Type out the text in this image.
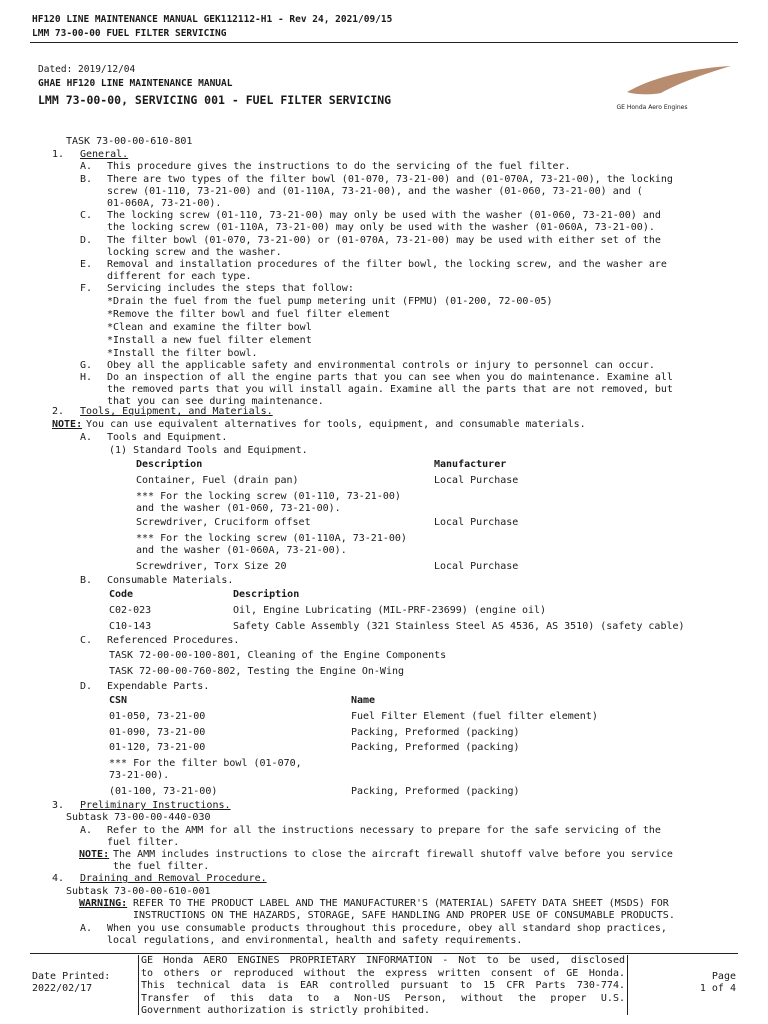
HF120 LINE MAINTENANCE MANUAL GEK112112-H1 - Rev 24, 2021/09/15
LMM 73-00-00 FUEL FILTER SERVICING
Dated: 2019/12/04
GHAE HF120 LINE MAINTENANCE MANUAL
LMM 73-00-00, SERVICING 001 - FUEL FILTER SERVICING
GE Honda Aero Engines
TASK 73-00-00-610-801
1. General.
A. This procedure gives the instructions to do the servicing of the fuel filter.
B. There are two types of the filter bowl (01-070, 73-21-00) and (01-070A, 73-21-00), the locking
screw (01-110, 73-21-00) and (01-110A, 73-21-00), and the washer (01-060, 73-21-00) and (
01-060A, 73-21-00).
C. The locking screw (01-110, 73-21-00) may only be used with the washer (01-060, 73-21-00) and
the locking screw (01-110A, 73-21-00) may only be used with the washer (01-060A, 73-21-00).
D. The filter bowl (01-070, 73-21-00) or (01-070A, 73-21-00) may be used with either set of the
locking screw and the washer.
E. Removal and installation procedures of the filter bowl, the locking screw, and the washer are
different for each type.
F. Servicing includes the steps that follow:
*Drain the fuel from the fuel pump metering unit (FPMU) (01-200, 72-00-05)
*Remove the filter bowl and fuel filter element
*Clean and examine the filter bowl
*Install a new fuel filter element
*Install the filter bowl.
G. Obey all the applicable safety and environmental controls or injury to personnel can occur.
H. Do an inspection of all the engine parts that you can see when you do maintenance. Examine all
the removed parts that you will install again. Examine all the parts that are not removed, but
that you can see during maintenance.
2. Tools, Equipment, and Materials.
NOTE: You can use equivalent alternatives for tools, equipment, and consumable materials.
A. Tools and Equipment.
(1) Standard Tools and Equipment.
Description	Manufacturer
Container, Fuel (drain pan)	Local Purchase
*** For the locking screw (01-110, 73-21-00)
and the washer (01-060, 73-21-00).
Screwdriver, Cruciform offset	Local Purchase
*** For the locking screw (01-110A, 73-21-00)
and the washer (01-060A, 73-21-00).
Screwdriver, Torx Size 20	Local Purchase
B. Consumable Materials.
Code	Description
C02-023	Oil, Engine Lubricating (MIL-PRF-23699) (engine oil)
C10-143	Safety Cable Assembly (321 Stainless Steel AS 4536, AS 3510) (safety cable)
C. Referenced Procedures.
TASK 72-00-00-100-801, Cleaning of the Engine Components
TASK 72-00-00-760-802, Testing the Engine On-Wing
D. Expendable Parts.
CSN	Name
01-050, 73-21-00	Fuel Filter Element (fuel filter element)
01-090, 73-21-00	Packing, Preformed (packing)
01-120, 73-21-00	Packing, Preformed (packing)
*** For the filter bowl (01-070,
73-21-00).
(01-100, 73-21-00)	Packing, Preformed (packing)
3. Preliminary Instructions.
Subtask 73-00-00-440-030
A. Refer to the AMM for all the instructions necessary to prepare for the safe servicing of the
fuel filter.
NOTE: The AMM includes instructions to close the aircraft firewall shutoff valve before you service
the fuel filter.
4. Draining and Removal Procedure.
Subtask 73-00-00-610-001
WARNING: REFER TO THE PRODUCT LABEL AND THE MANUFACTURER'S (MATERIAL) SAFETY DATA SHEET (MSDS) FOR
INSTRUCTIONS ON THE HAZARDS, STORAGE, SAFE HANDLING AND PROPER USE OF CONSUMABLE PRODUCTS.
A. When you use consumable products throughout this procedure, obey all standard shop practices,
local regulations, and environmental, health and safety requirements.
Date Printed:
2022/02/17
GE Honda AERO ENGINES PROPRIETARY INFORMATION - Not to be used, disclosed
to others or reproduced without the express written consent of GE Honda.
This technical data is EAR controlled pursuant to 15 CFR Parts 730-774.
Transfer of this data to a Non-US Person, without the proper U.S.
Government authorization is strictly prohibited.
Page
1 of 4
